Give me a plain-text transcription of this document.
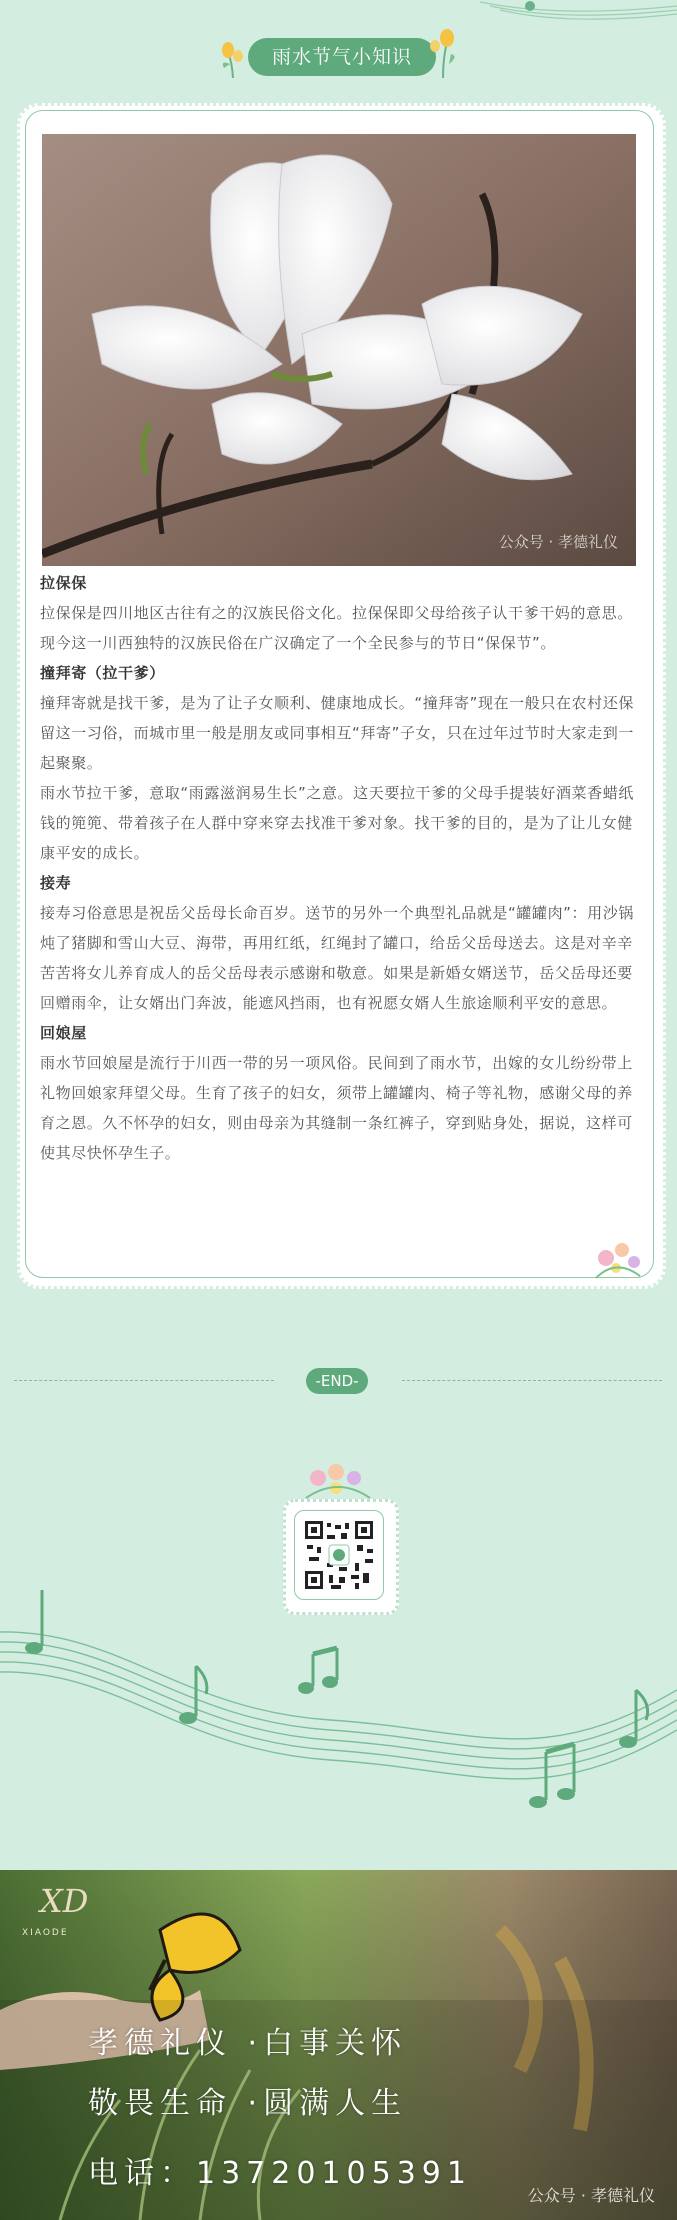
雨水节气小知识
公众号 · 孝德礼仪

拉保保

拉保保是四川地区古往有之的汉族民俗文化。拉保保即父母给孩子认干爹干妈的意思。现今这一川西独特的汉族民俗在广汉确定了一个全民参与的节日“保保节”。

撞拜寄（拉干爹）

撞拜寄就是找干爹，是为了让子女顺利、健康地成长。“撞拜寄”现在一般只在农村还保留这一习俗，而城市里一般是朋友或同事相互“拜寄”子女，只在过年过节时大家走到一起聚聚。

雨水节拉干爹，意取“雨露滋润易生长”之意。这天要拉干爹的父母手提装好酒菜香蜡纸钱的篼篼、带着孩子在人群中穿来穿去找准干爹对象。找干爹的目的，是为了让儿女健康平安的成长。

接寿

接寿习俗意思是祝岳父岳母长命百岁。送节的另外一个典型礼品就是“罐罐肉”：用沙锅炖了猪脚和雪山大豆、海带，再用红纸，红绳封了罐口，给岳父岳母送去。这是对辛辛苦苦将女儿养育成人的岳父岳母表示感谢和敬意。如果是新婚女婿送节，岳父岳母还要回赠雨伞，让女婿出门奔波，能遮风挡雨，也有祝愿女婿人生旅途顺利平安的意思。

回娘屋

雨水节回娘屋是流行于川西一带的另一项风俗。民间到了雨水节，出嫁的女儿纷纷带上礼物回娘家拜望父母。生育了孩子的妇女，须带上罐罐肉、椅子等礼物，感谢父母的养育之恩。久不怀孕的妇女，则由母亲为其缝制一条红裤子，穿到贴身处，据说，这样可使其尽快怀孕生子。

-END-
XD
XIAODE
孝德礼仪 ·白事关怀
敬畏生命 ·圆满人生
电话：13720105391
公众号 · 孝德礼仪
